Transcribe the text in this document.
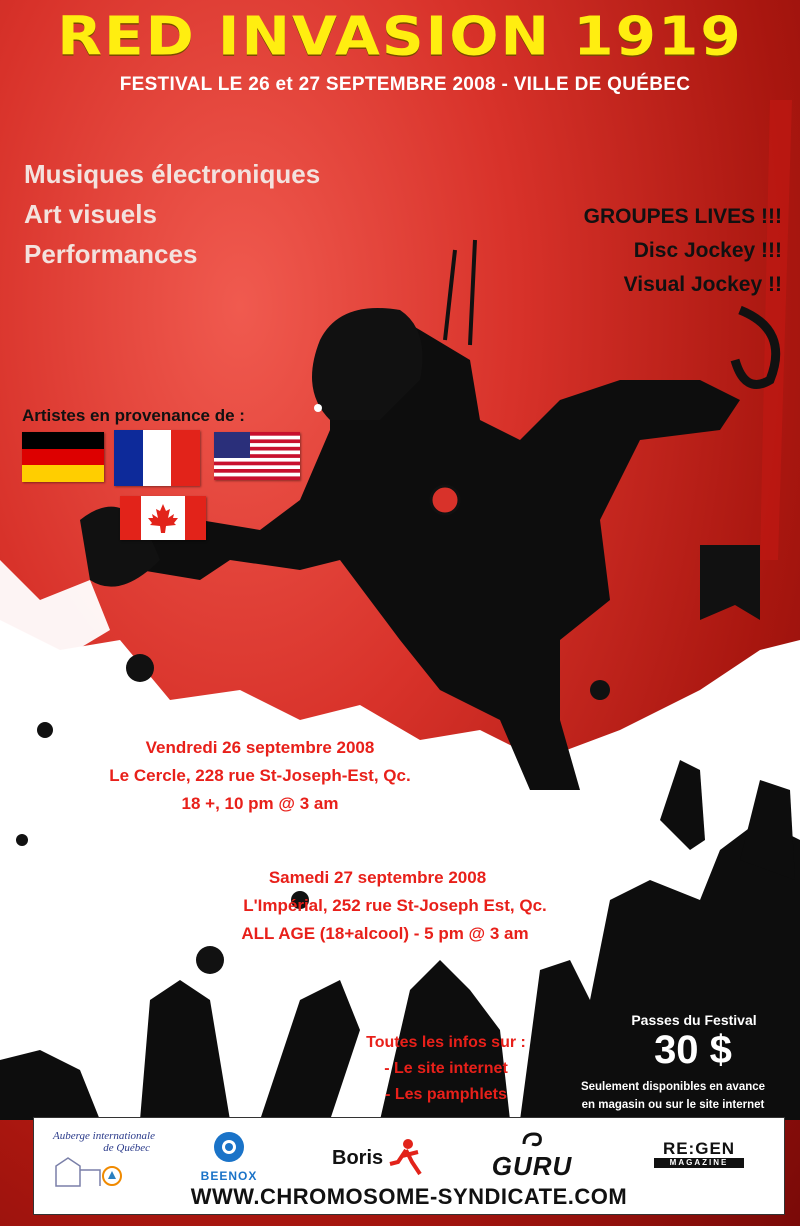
RED INVASION 1919
FESTIVAL LE 26 et 27 SEPTEMBRE 2008 - VILLE DE QUÉBEC
Musiques électroniques
Art visuels
Performances
GROUPES LIVES !!!
Disc Jockey !!!
Visual Jockey !!
Artistes en provenance de :
Vendredi 26 septembre 2008
Le Cercle, 228 rue St-Joseph-Est, Qc.
18 +, 10 pm @ 3 am
Samedi 27 septembre 2008
L'Impérial, 252 rue St-Joseph Est, Qc.
ALL AGE (18+alcool) - 5 pm @ 3 am
Toutes les infos sur :
- Le site internet
- Les pamphlets
Passes du Festival
30 $
Seulement disponibles en avance
en magasin ou sur le site internet
Auberge internationale
de Québec
BEENOX
Boris	GURU
RE:GEN
MAGAZINE
WWW.CHROMOSOME-SYNDICATE.COM
